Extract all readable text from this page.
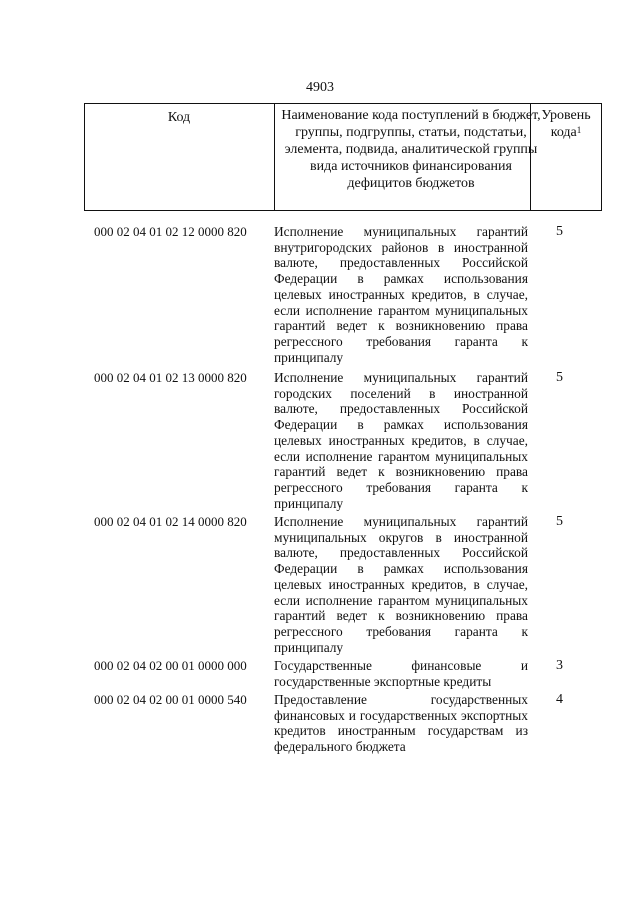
4903
Код	Наименование кода поступлений в бюджет, группы, подгруппы, статьи, подстатьи, элемента, подвида, аналитической группы вида источников финансирования дефицитов бюджетов
Уровень кода$^1$
000 02 04 01 02 12 0000 820 Исполнение муниципальных гарантий внутригородских районов в иностранной валюте, предоставленных Российской Федерации в рамках использования целевых иностранных кредитов, в случае, если исполнение гарантом муниципальных гарантий ведет к возникновению права регрессного требования гаранта к принципалу
5
000 02 04 01 02 13 0000 820 Исполнение муниципальных гарантий городских поселений в иностранной валюте, предоставленных Российской Федерации в рамках использования целевых иностранных кредитов, в случае, если исполнение гарантом муниципальных гарантий ведет к возникновению права регрессного требования гаранта к принципалу
5
000 02 04 01 02 14 0000 820 Исполнение муниципальных гарантий муниципальных округов в иностранной валюте, предоставленных Российской Федерации в рамках использования целевых иностранных кредитов, в случае, если исполнение гарантом муниципальных гарантий ведет к возникновению права регрессного требования гаранта к принципалу
5
000 02 04 02 00 01 0000 000 Государственные финансовые и государственные экспортные кредиты
3
000 02 04 02 00 01 0000 540 Предоставление государственных финансовых и государственных экспортных кредитов иностранным государствам из федерального бюджета
4
